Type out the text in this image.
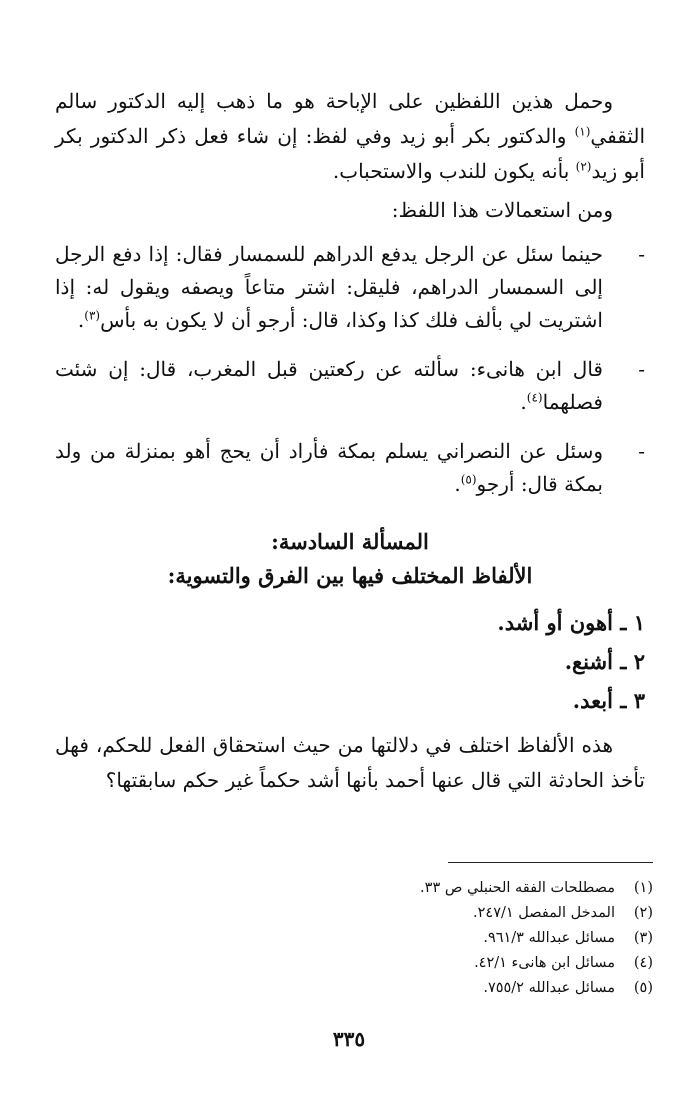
وحمل هذين اللفظين على الإباحة هو ما ذهب إليه الدكتور سالم الثقفي$^{(١)}$ والدكتور بكر أبو زيد وفي لفظ: إن شاء فعل ذكر الدكتور بكر أبو زيد$^{(٢)}$ بأنه يكون للندب والاستحباب.

ومن استعمالات هذا اللفظ:

-
حينما سئل عن الرجل يدفع الدراهم للسمسار فقال: إذا دفع الرجل إلى السمسار الدراهم، فليقل: اشتر متاعاً ويصفه ويقول له: إذا اشتريت لي بألف فلك كذا وكذا، قال: أرجو أن لا يكون به بأس$^{(٣)}$.
-
قال ابن هانىء: سألته عن ركعتين قبل المغرب، قال: إن شئت فصلهما$^{(٤)}$.
-
وسئل عن النصراني يسلم بمكة فأراد أن يحج أهو بمنزلة من ولد بمكة قال: أرجو$^{(٥)}$.

المسألة السادسة:

الألفاظ المختلف فيها بين الفرق والتسوية:

١ ـ أهون أو أشد.

٢ ـ أشنع.

٣ ـ أبعد.

هذه الألفاظ اختلف في دلالتها من حيث استحقاق الفعل للحكم، فهل تأخذ الحادثة التي قال عنها أحمد بأنها أشد حكماً غير حكم سابقتها؟

(١)مصطلحات الفقه الحنبلي ص ٣٣.
(٢)المدخل المفصل ٢٤٧/١.
(٣)مسائل عبدالله ٩٦١/٣.
(٤)مسائل ابن هانىء ٤٢/١.
(٥)مسائل عبدالله ٧٥٥/٢.
٣٣٥
